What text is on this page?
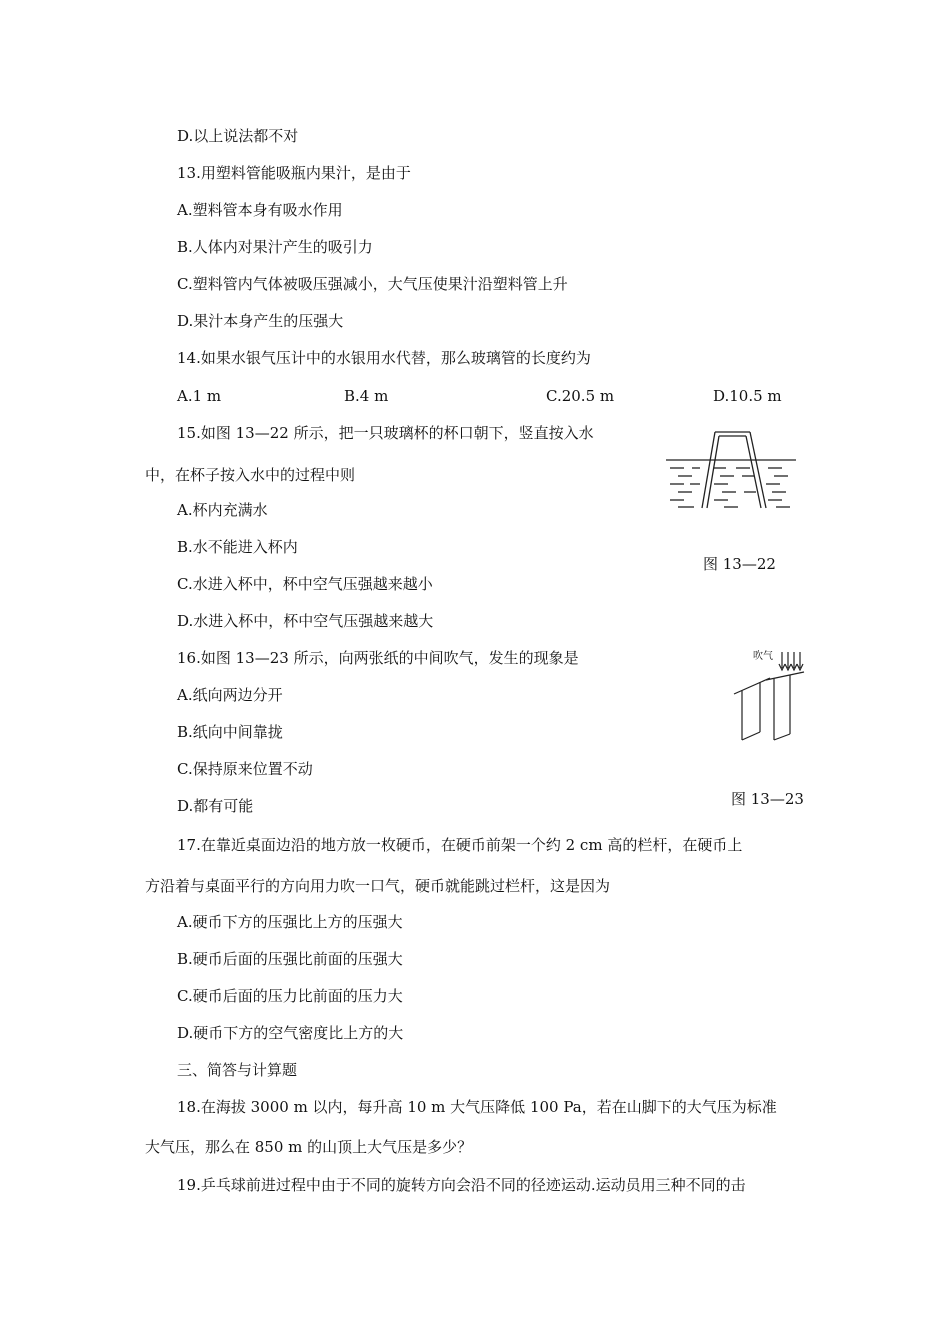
D.以上说法都不对
13.用塑料管能吸瓶内果汁，是由于
A.塑料管本身有吸水作用
B.人体内对果汁产生的吸引力
C.塑料管内气体被吸压强减小，大气压使果汁沿塑料管上升
D.果汁本身产生的压强大
14.如果水银气压计中的水银用水代替，那么玻璃管的长度约为
A.1 m	B.4 m	C.20.5 m	D.10.5 m
15.如图 13—22 所示，把一只玻璃杯的杯口朝下，竖直按入水
中，在杯子按入水中的过程中则
A.杯内充满水
B.水不能进入杯内
C.水进入杯中，杯中空气压强越来越小
D.水进入杯中，杯中空气压强越来越大
图 13—22
16.如图 13—23 所示，向两张纸的中间吹气，发生的现象是
A.纸向两边分开
B.纸向中间靠拢
C.保持原来位置不动
D.都有可能
吹气
图 13—23
17.在靠近桌面边沿的地方放一枚硬币，在硬币前架一个约 2 cm 高的栏杆，在硬币上
方沿着与桌面平行的方向用力吹一口气，硬币就能跳过栏杆，这是因为
A.硬币下方的压强比上方的压强大
B.硬币后面的压强比前面的压强大
C.硬币后面的压力比前面的压力大
D.硬币下方的空气密度比上方的大
三、简答与计算题
18.在海拔 3000 m 以内，每升高 10 m 大气压降低 100 Pa，若在山脚下的大气压为标准
大气压，那么在 850 m 的山顶上大气压是多少？
19.乒乓球前进过程中由于不同的旋转方向会沿不同的径迹运动.运动员用三种不同的击
